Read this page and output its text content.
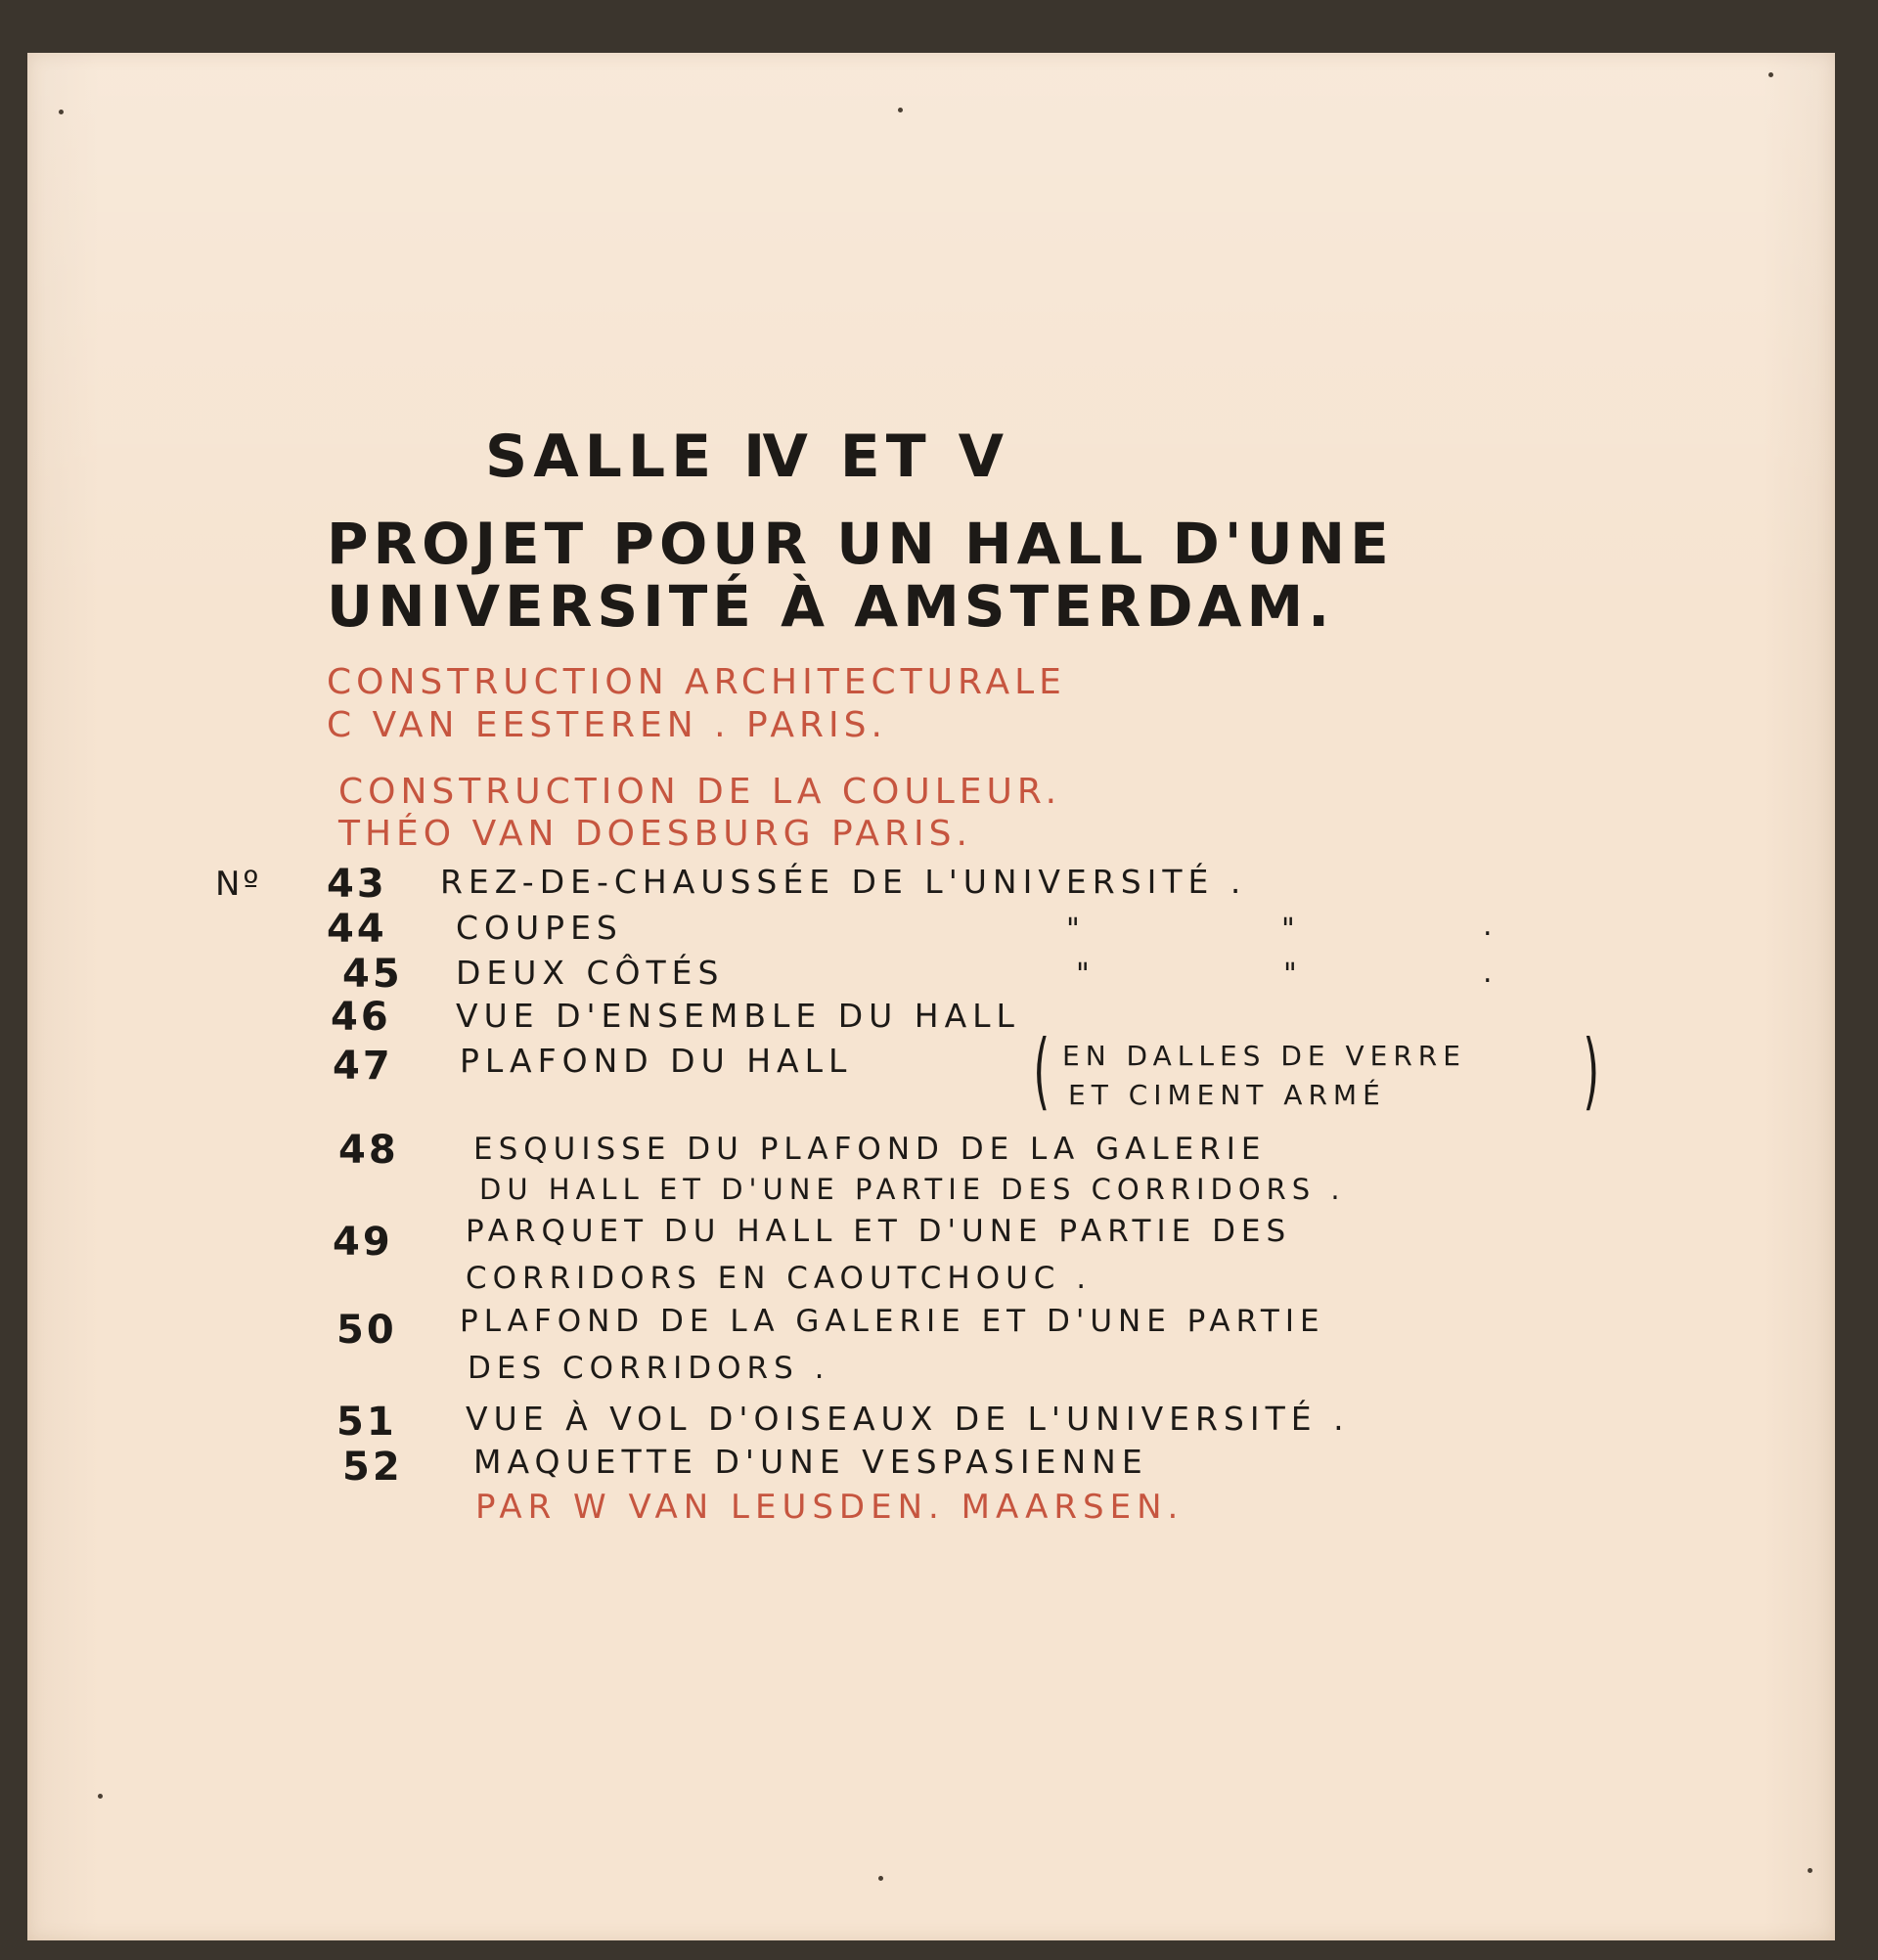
SALLE Ⅳ ET V
PROJET POUR UN HALL D'UNE
UNIVERSITÉ À AMSTERDAM.
CONSTRUCTION ARCHITECTURALE
C VAN EESTEREN . PARIS.
CONSTRUCTION DE LA COULEUR.
THÉO VAN DOESBURG PARIS.
Nº 43 REZ-DE-CHAUSSÉE DE L'UNIVERSITÉ .
44 COUPES	"	"	.
45 DEUX CÔTÉS	"	"	.
46 VUE D'ENSEMBLE DU HALL
47 PLAFOND DU HALL ( EN DALLES DE VERRE
ET CIMENT ARMÉ )
48 ESQUISSE DU PLAFOND DE LA GALERIE
DU HALL ET D'UNE PARTIE DES CORRIDORS .
49 PARQUET DU HALL ET D'UNE PARTIE DES
CORRIDORS EN CAOUTCHOUC .
50 PLAFOND DE LA GALERIE ET D'UNE PARTIE
DES CORRIDORS .
51 VUE À VOL D'OISEAUX DE L'UNIVERSITÉ .
52 MAQUETTE D'UNE VESPASIENNE
PAR W VAN LEUSDEN. MAARSEN.
